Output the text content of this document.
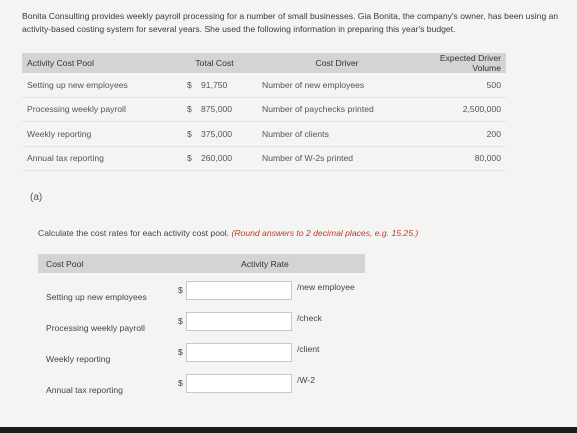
Bonita Consulting provides weekly payroll processing for a number of small businesses. Gia Bonita, the company's owner, has been using an activity-based costing system for several years. She used the following information in preparing this year's budget.
Activity Cost Pool	Total Cost	Cost Driver	Expected Driver Volume
Setting up new employees	$ 91,750	Number of new employees	500
Processing weekly payroll	$ 875,000	Number of paychecks printed	2,500,000
Weekly reporting	$ 375,000	Number of clients	200
Annual tax reporting	$ 260,000	Number of W-2s printed	80,000
(a)
Calculate the cost rates for each activity cost pool. (Round answers to 2 decimal places, e.g. 15.25.)
Cost Pool	Activity Rate
Setting up new employees
$	/new employee
Processing weekly payroll
$	/check
Weekly reporting
$	/client
Annual tax reporting
$	/W-2
